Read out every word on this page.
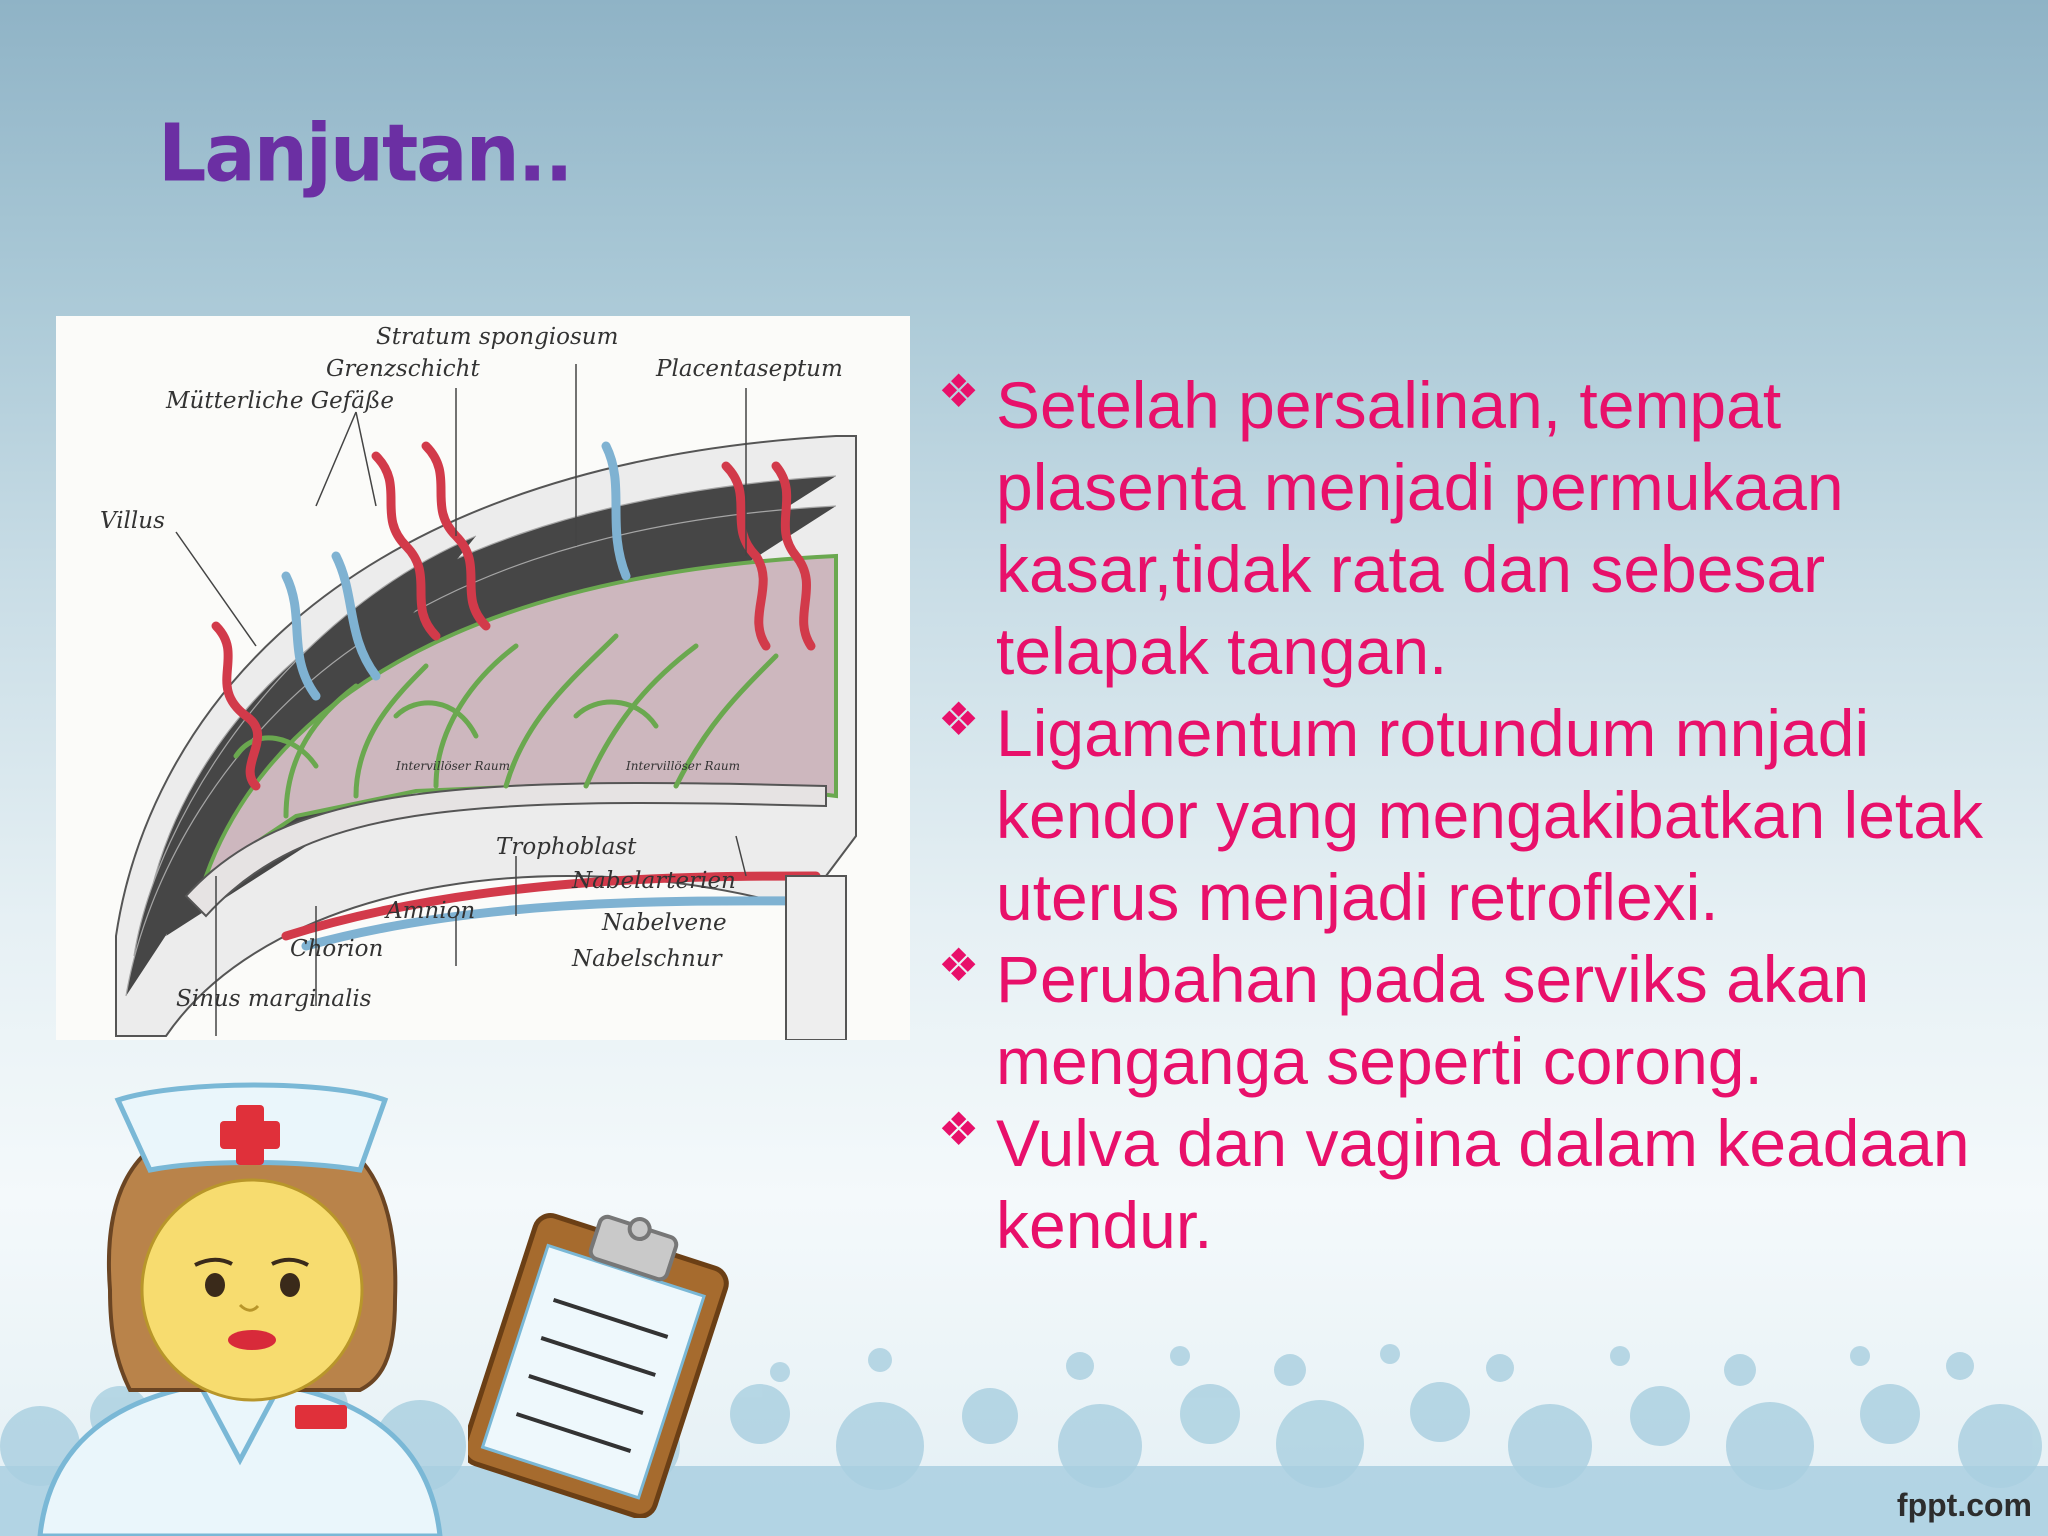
Lanjutan..
Stratum spongiosum
Grenzschicht	Placentaseptum
Mütterliche Gefäße
Villus
Intervillöser Raum	Intervillöser Raum
Trophoblast
Nabelarterien
Amnion	Nabelvene
Chorion	Nabelschnur
Sinus marginalis
❖ Setelah persalinan, tempat plasenta menjadi permukaan kasar,tidak rata dan sebesar telapak tangan.
❖ Ligamentum rotundum mnjadi kendor yang mengakibatkan letak uterus menjadi retroflexi.
❖ Perubahan pada serviks akan menganga seperti corong.
❖ Vulva dan vagina dalam keadaan kendur.
fppt.com
